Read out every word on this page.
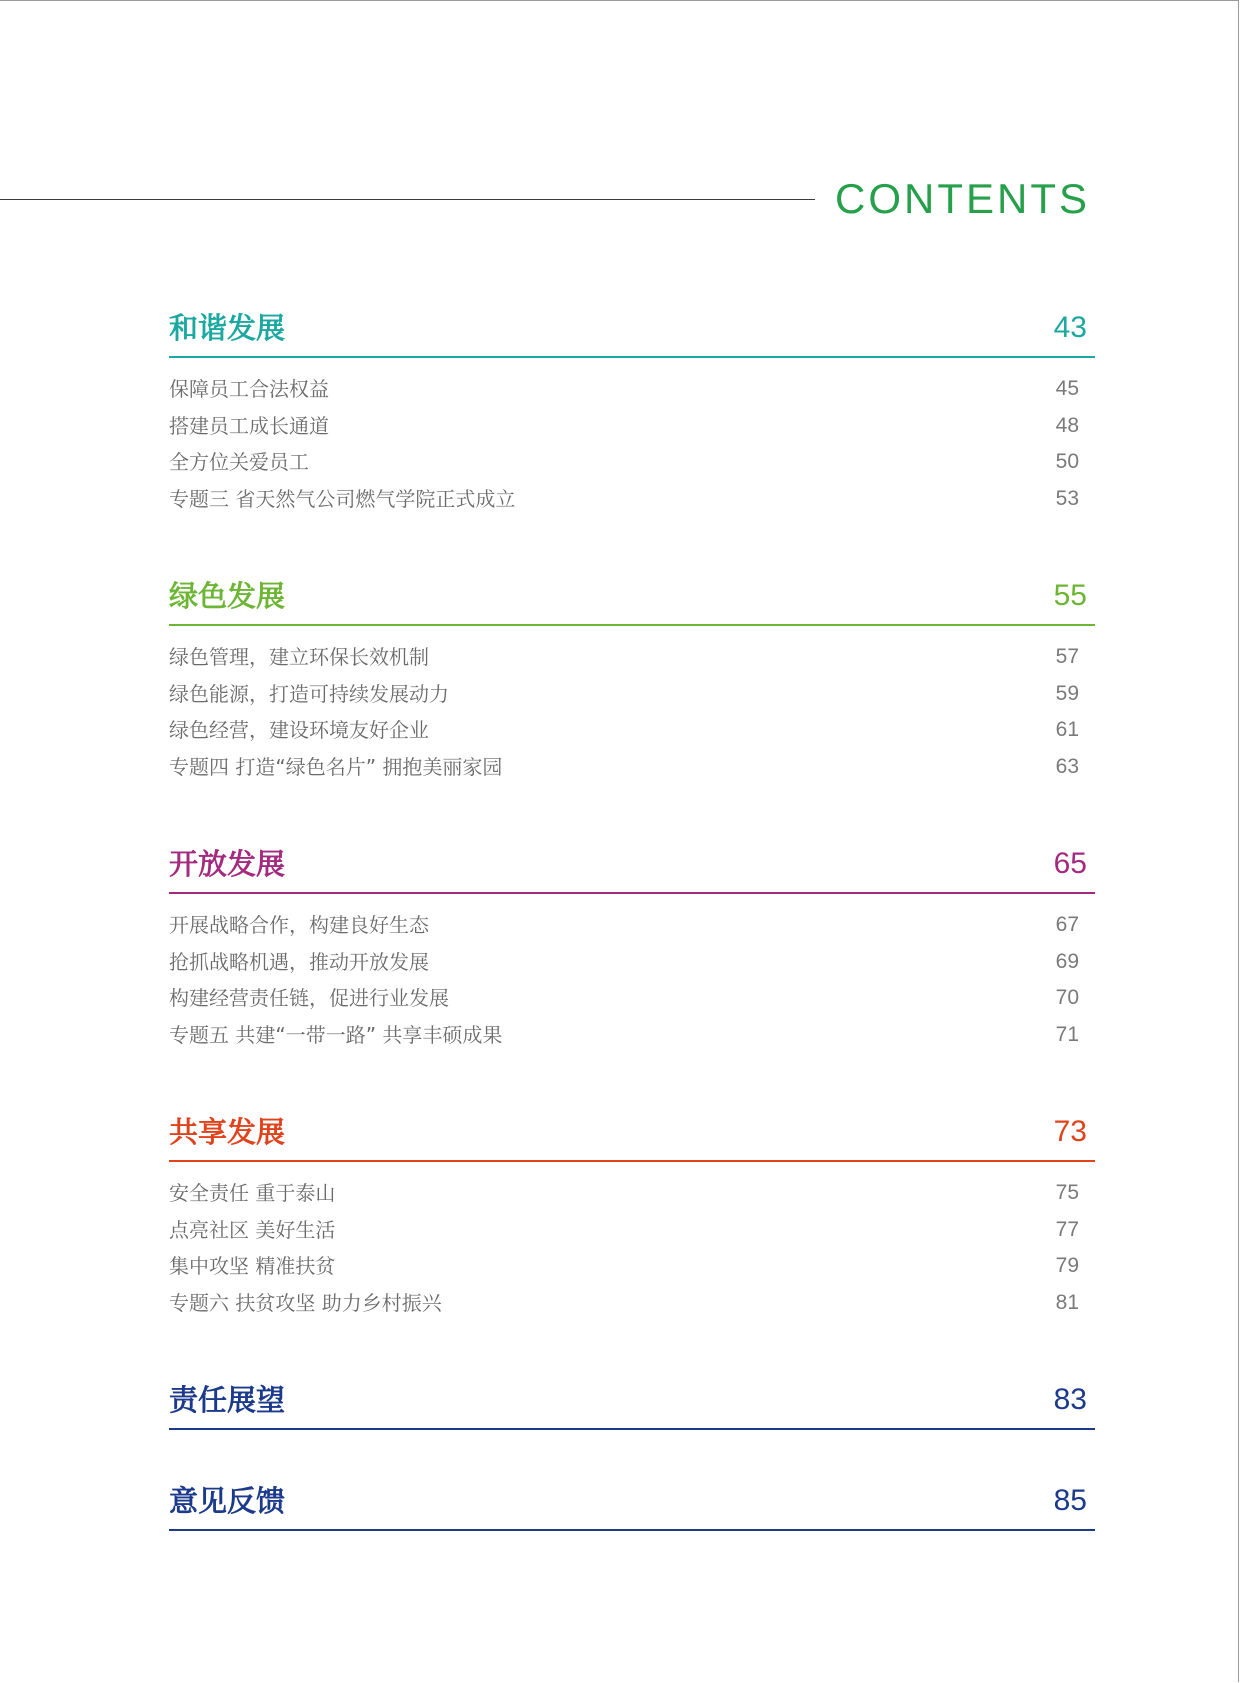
CONTENTS
和谐发展	43
保障员工合法权益	45
搭建员工成长通道	48
全方位关爱员工	50
专题三 省天然气公司燃气学院正式成立	53
绿色发展	55
绿色管理，建立环保长效机制	57
绿色能源，打造可持续发展动力	59
绿色经营，建设环境友好企业	61
专题四 打造“绿色名片” 拥抱美丽家园	63
开放发展	65
开展战略合作，构建良好生态	67
抢抓战略机遇，推动开放发展	69
构建经营责任链，促进行业发展	70
专题五 共建“一带一路” 共享丰硕成果	71
共享发展	73
安全责任 重于泰山	75
点亮社区 美好生活	77
集中攻坚 精准扶贫	79
专题六 扶贫攻坚 助力乡村振兴	81
责任展望	83
意见反馈	85
